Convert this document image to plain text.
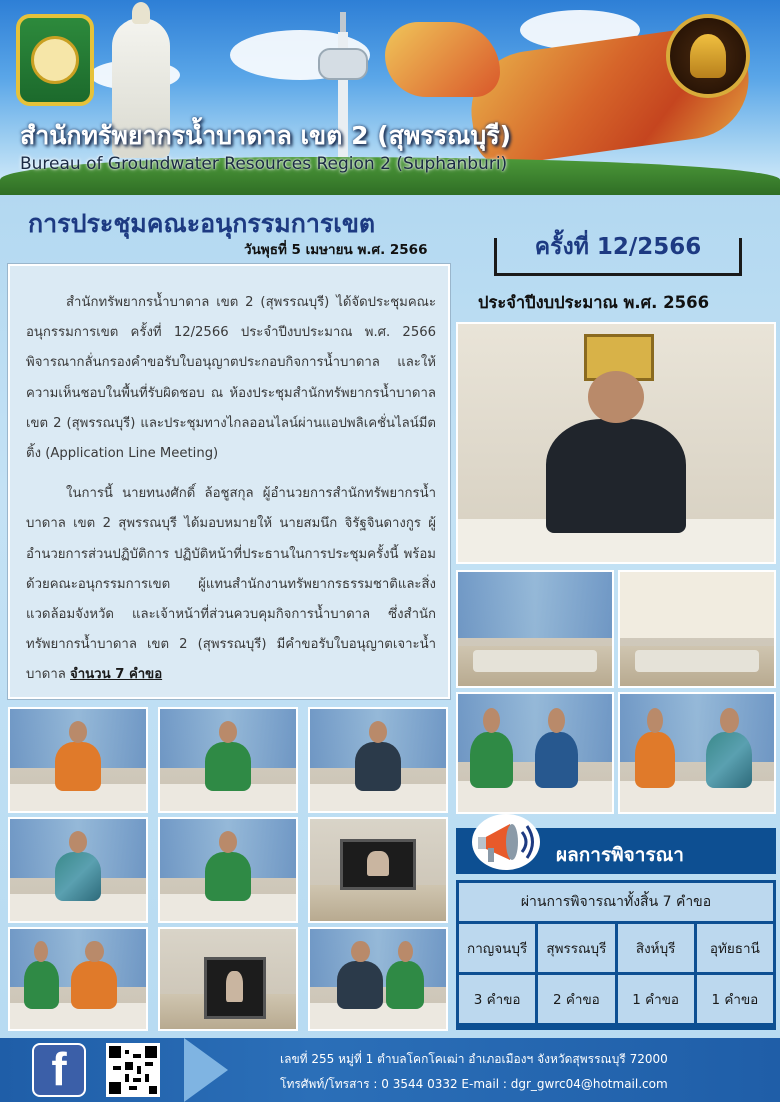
สำนักทรัพยากรน้ำบาดาล เขต 2 (สุพรรณบุรี)
Bureau of Groundwater Resources Region 2 (Suphanburi)
การประชุมคณะอนุกรรมการเขต
วันพุธที่ 5 เมษายน พ.ศ. 2566	ครั้งที่ 12/2566
ประจำปีงบประมาณ พ.ศ. 2566

สำนักทรัพยากรน้ำบาดาล เขต 2 (สุพรรณบุรี) ได้จัดประชุมคณะอนุกรรมการเขต ครั้งที่ 12/2566 ประจำปีงบประมาณ พ.ศ. 2566 พิจารณากลั่นกรองคำขอรับใบอนุญาตประกอบกิจการน้ำบาดาล และให้ความเห็นชอบในพื้นที่รับผิดชอบ ณ ห้องประชุมสำนักทรัพยากรน้ำบาดาล เขต 2 (สุพรรณบุรี) และประชุมทางไกลออนไลน์ผ่านแอปพลิเคชั่นไลน์มีตติ้ง (Application Line Meeting)

ในการนี้ นายทนงศักดิ์ ล้อชูสกุล ผู้อำนวยการสำนักทรัพยากรน้ำบาดาล เขต 2 สุพรรณบุรี ได้มอบหมายให้ นายสมนึก จิรัฐจินดางกูร ผู้อำนวยการส่วนปฏิบัติการ ปฏิบัติหน้าที่ประธานในการประชุมครั้งนี้ พร้อมด้วยคณะอนุกรรมการเขต ผู้แทนสำนักงานทรัพยากรธรรมชาติและสิ่งแวดล้อมจังหวัด และเจ้าหน้าที่ส่วนควบคุมกิจการน้ำบาดาล ซึ่งสำนักทรัพยากรน้ำบาดาล เขต 2 (สุพรรณบุรี) มีคำขอรับใบอนุญาตเจาะน้ำบาดาล จำนวน 7 คำขอ

ผลการพิจารณา
ผ่านการพิจารณาทั้งสิ้น 7 คำขอ
กาญจนบุรี	สุพรรณบุรี	สิงห์บุรี	อุทัยธานี
3 คำขอ	2 คำขอ	1 คำขอ	1 คำขอ
f	เลขที่ 255 หมู่ที่ 1 ตำบลโคกโคเฒ่า อำเภอเมืองฯ จังหวัดสุพรรณบุรี 72000
โทรศัพท์/โทรสาร : 0 3544 0332 E-mail : dgr_gwrc04@hotmail.com
